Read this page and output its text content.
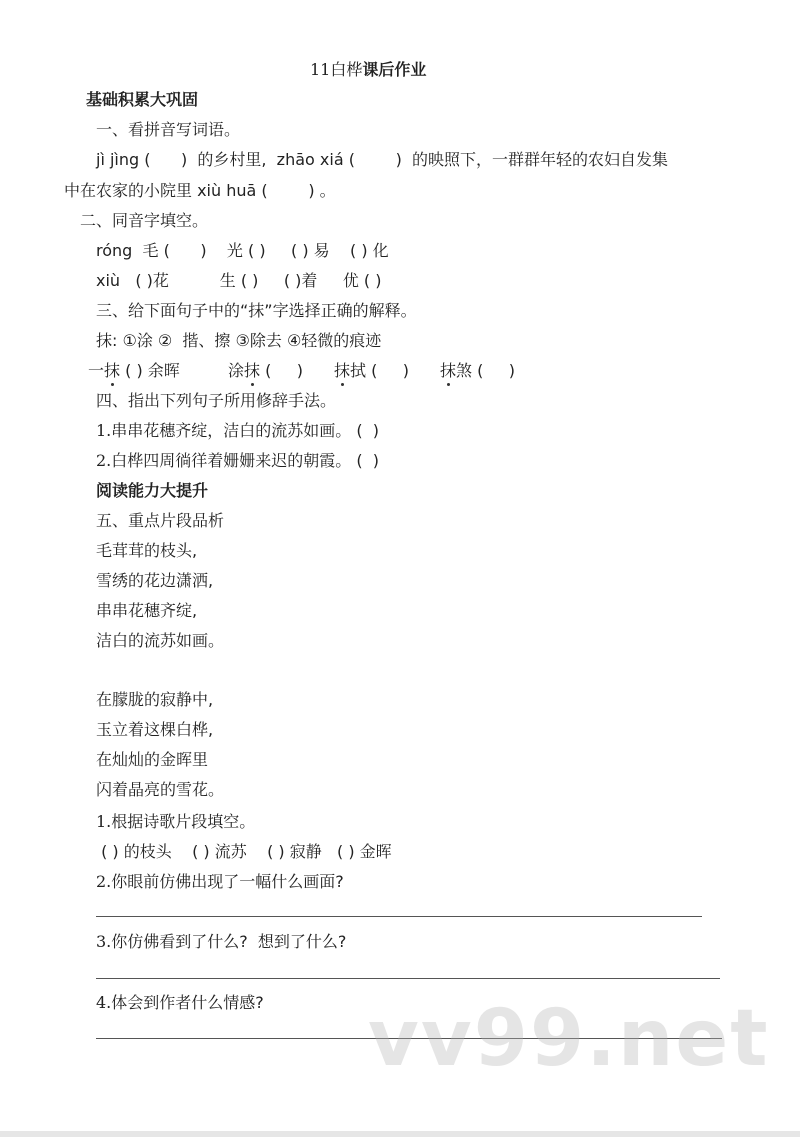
11白桦课后作业
基础积累大巩固
一、看拼音写词语。
jì jìng (      )  的乡村里,  zhāo xiá (        )  的映照下，一群群年轻的农妇自发集
中在农家的小院里 xiù huā (        ) 。
二、同音字填空。
róng  毛 (      )    光 ( )     ( ) 易    ( ) 化
xiù   ( )花          生 ( )     ( )着     优 ( )
三、给下面句子中的“抹”字选择正确的解释。
抹: ①涂 ②  揩、擦 ③除去 ④轻微的痕迹
一抹 ( ) 余晖	涂抹 (     ) 抹拭 (     ) 抹煞 (     )
四、指出下列句子所用修辞手法。
1.串串花穗齐绽，洁白的流苏如画。 (  )
2.白桦四周徜徉着姗姗来迟的朝霞。 (  )
阅读能力大提升
五、重点片段品析
毛茸茸的枝头,
雪绣的花边潇洒,
串串花穗齐绽,
洁白的流苏如画。
在朦胧的寂静中,
玉立着这棵白桦,
在灿灿的金晖里
闪着晶亮的雪花。
1.根据诗歌片段填空。
( ) 的枝头    ( ) 流苏    ( ) 寂静   ( ) 金晖
2.你眼前仿佛出现了一幅什么画面?
3.你仿佛看到了什么?  想到了什么?
4.体会到作者什么情感? vv99.net
